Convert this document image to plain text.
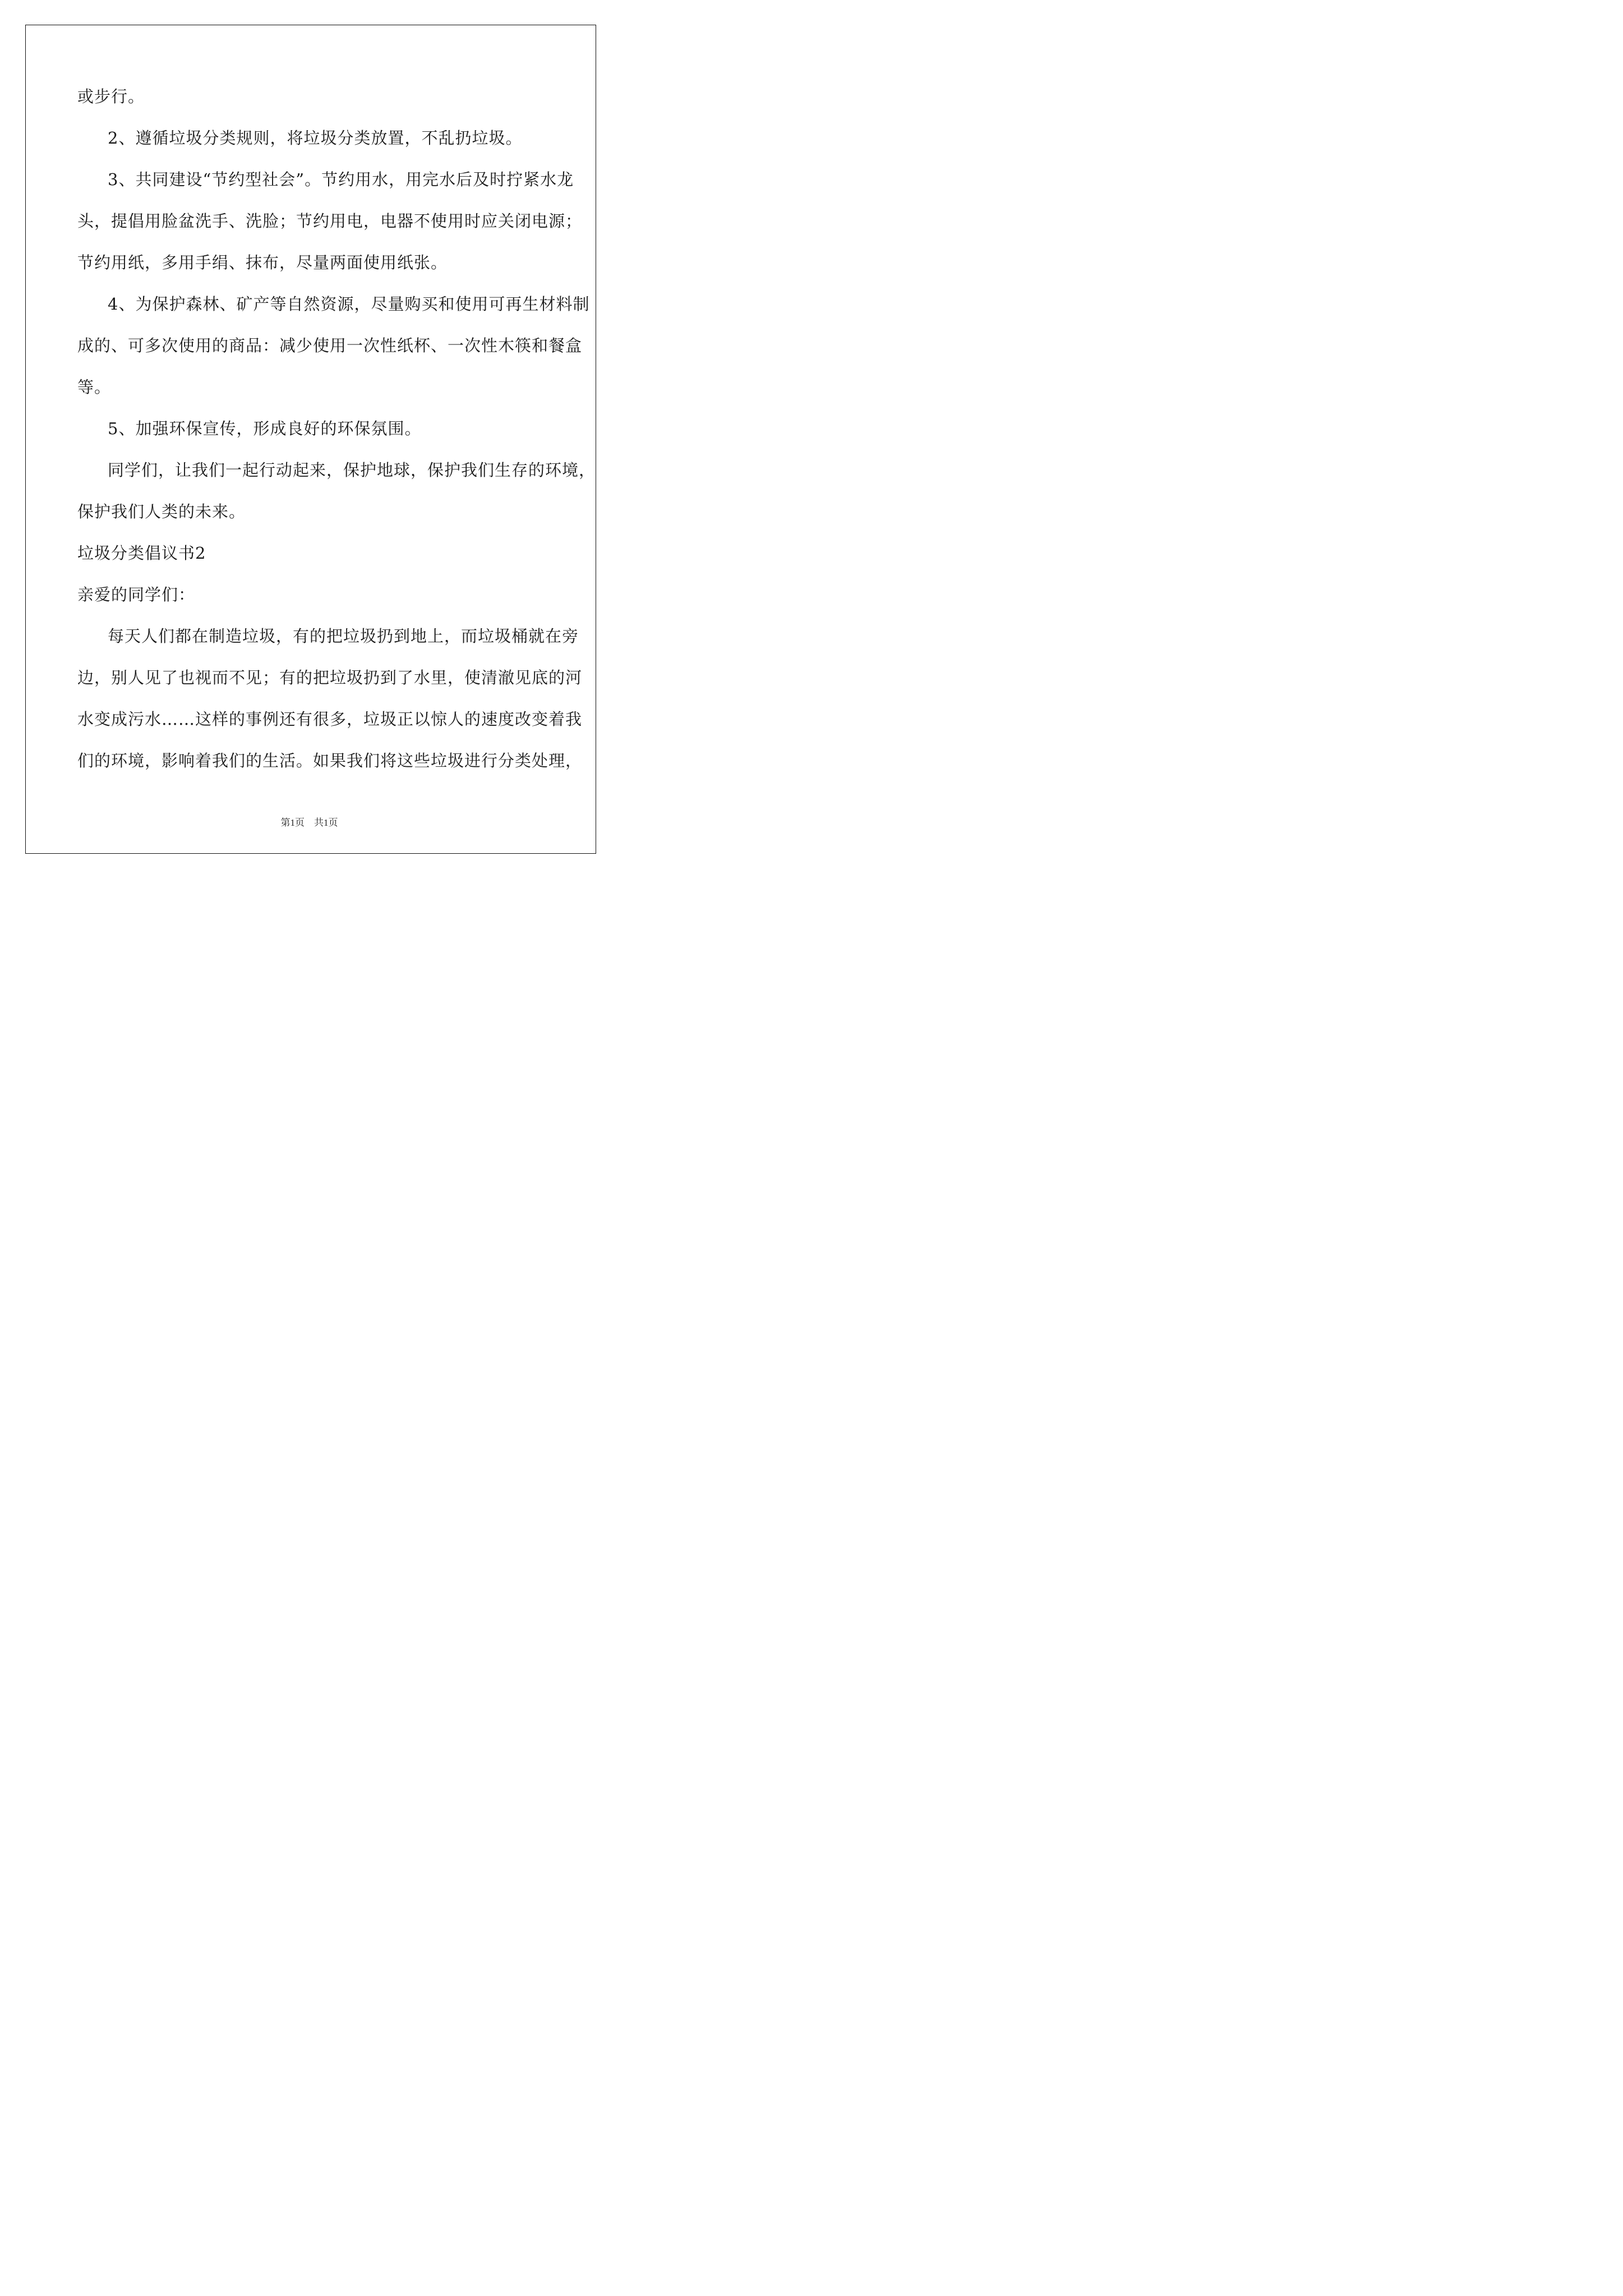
或步行。

2、遵循垃圾分类规则，将垃圾分类放置，不乱扔垃圾。

3、共同建设“节约型社会”。节约用水，用完水后及时拧紧水龙

头，提倡用脸盆洗手、洗脸；节约用电，电器不使用时应关闭电源；

节约用纸，多用手绢、抹布，尽量两面使用纸张。

4、为保护森林、矿产等自然资源，尽量购买和使用可再生材料制

成的、可多次使用的商品：减少使用一次性纸杯、一次性木筷和餐盒

等。

5、加强环保宣传，形成良好的环保氛围。

同学们，让我们一起行动起来，保护地球，保护我们生存的环境，

保护我们人类的未来。

垃圾分类倡议书2

亲爱的同学们：

每天人们都在制造垃圾，有的把垃圾扔到地上，而垃圾桶就在旁

边，别人见了也视而不见；有的把垃圾扔到了水里，使清澈见底的河

水变成污水……这样的事例还有很多，垃圾正以惊人的速度改变着我

们的环境，影响着我们的生活。如果我们将这些垃圾进行分类处理，

第1页　共1页
